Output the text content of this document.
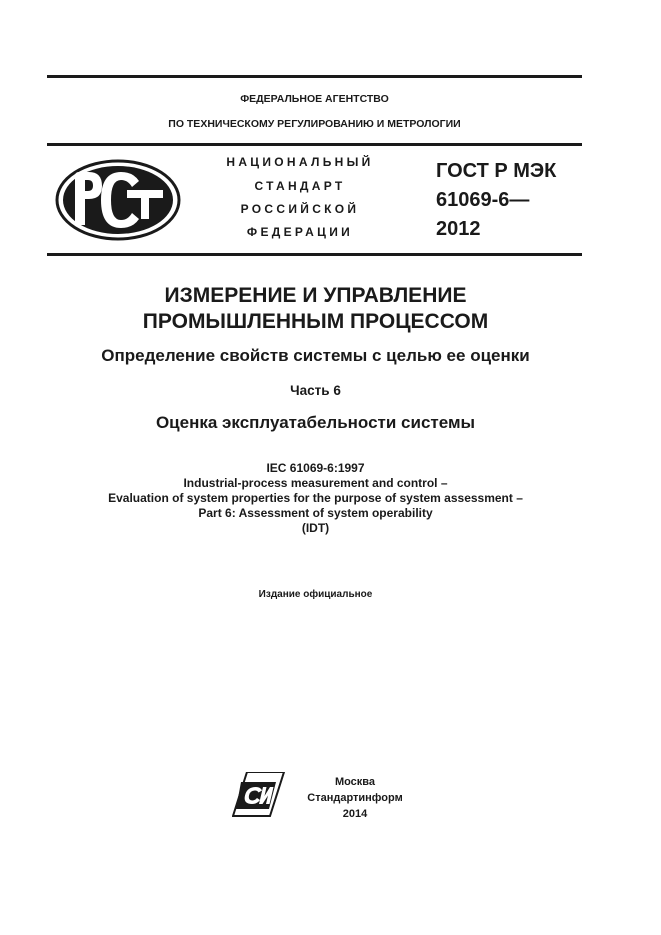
ФЕДЕРАЛЬНОЕ АГЕНТСТВО
ПО ТЕХНИЧЕСКОМУ РЕГУЛИРОВАНИЮ И МЕТРОЛОГИИ
НАЦИОНАЛЬНЫЙ
СТАНДАРТ
РОССИЙСКОЙ
ФЕДЕРАЦИИ
ГОСТ Р МЭК
61069-6—
2012
ИЗМЕРЕНИЕ И УПРАВЛЕНИЕ
ПРОМЫШЛЕННЫМ ПРОЦЕССОМ
Определение свойств системы с целью ее оценки
Часть 6
Оценка эксплуатабельности системы
IEC 61069-6:1997
Industrial-process measurement and control –
Evaluation of system properties for the purpose of system assessment –
Part 6: Assessment of system operability
(IDT)
Издание официальное
Москва
Стандартинформ
2014
